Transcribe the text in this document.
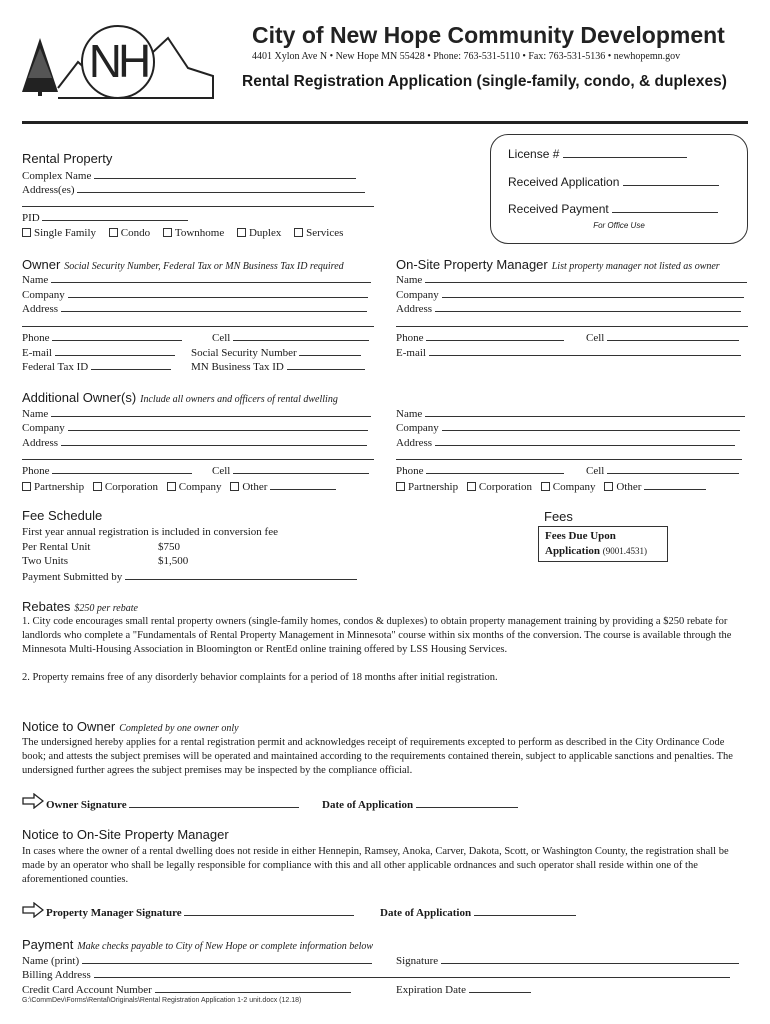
NH	City of New Hope Community Development
4401 Xylon Ave N • New Hope MN 55428 • Phone: 763-531-5110 • Fax: 763-531-5136 • newhopemn.gov
Rental Registration Application (single-family, condo, & duplexes)
License #
Received Application
Received Payment
For Office Use
Rental Property
Complex Name
Address(es)
PID
Single Family Condo Townhome Duplex Services
Owner Social Security Number, Federal Tax or MN Business Tax ID required
Name
Company
Address
Phone	Cell
E-mail	Social Security Number
Federal Tax ID	MN Business Tax ID
On-Site Property Manager List property manager not listed as owner
Name
Company
Address
Phone	Cell
E-mail
Additional Owner(s) Include all owners and officers of rental dwelling
Name
Company
Address
Phone	Cell
Partnership Corporation Company Other
Name
Company
Address
Phone	Cell
Partnership Corporation Company Other
Fee Schedule
First year annual registration is included in conversion fee
Per Rental Unit	$750
Two Units	$1,500
Payment Submitted by
Fees
Fees Due Upon
Application (9001.4531)
Rebates $250 per rebate
1. City code encourages small rental property owners (single-family homes, condos & duplexes) to obtain property management training by providing a $250 rebate for landlords who complete a "Fundamentals of Rental Property Management in Minnesota" course within six months of the conversion. The course is available through the Minnesota Multi-Housing Association in Bloomington or RentEd online training offered by LSS Housing Services.
2. Property remains free of any disorderly behavior complaints for a period of 18 months after initial registration.
Notice to Owner Completed by one owner only
The undersigned hereby applies for a rental registration permit and acknowledges receipt of requirements excepted to perform as described in the City Ordinance Code book; and attests the subject premises will be operated and maintained according to the requirements contained therein, subject to applicable sanctions and penalties. The undersigned further agrees the subject premises may be inspected by the compliance official.
Owner Signature	Date of Application
Notice to On-Site Property Manager
In cases where the owner of a rental dwelling does not reside in either Hennepin, Ramsey, Anoka, Carver, Dakota, Scott, or Washington County, the registration shall be made by an operator who shall be legally responsible for compliance with this and all other applicable ordnances and such operator shall reside within one of the aforementioned counties.
Property Manager Signature	Date of Application
Payment Make checks payable to City of New Hope or complete information below
Name (print)	Signature
Billing Address
Credit Card Account Number	Expiration Date
G:\CommDev\Forms\Rental\Originals\Rental Registration Application 1-2 unit.docx (12.18)
